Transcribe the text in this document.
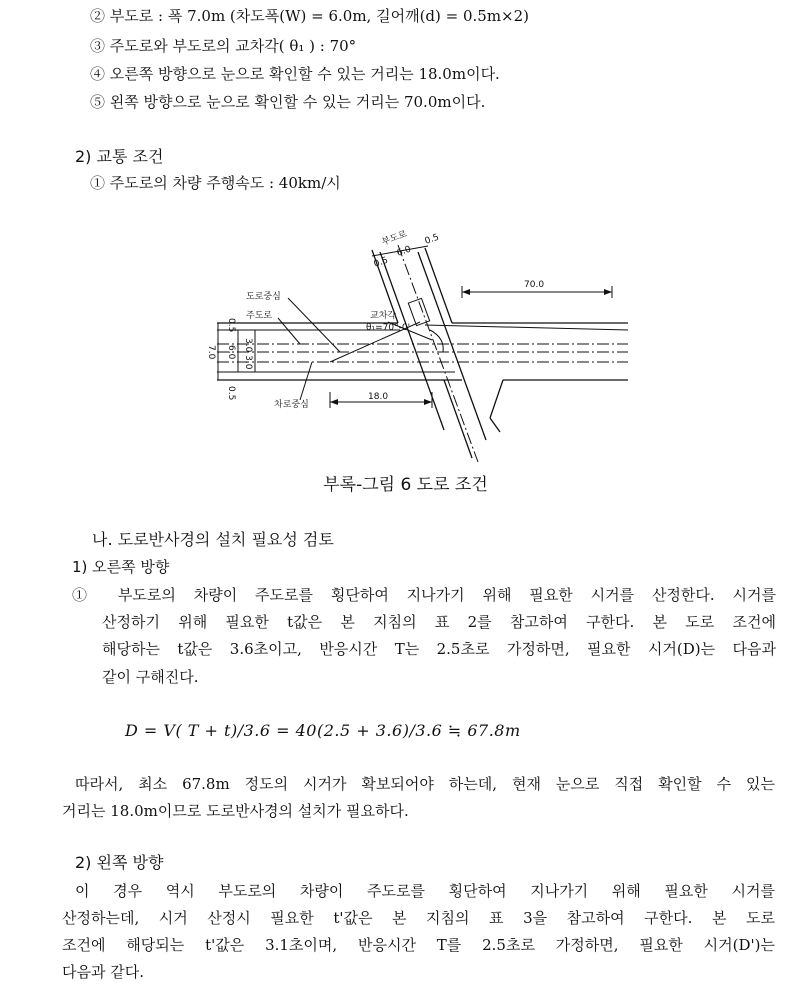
② 부도로 : 폭 7.0m (차도폭(W) = 6.0m, 길어깨(d) = 0.5m×2)
③ 주도로와 부도로의 교차각( θ₁ ) : 70°
④ 오른쪽 방향으로 눈으로 확인할 수 있는 거리는 18.0m이다.
⑤ 왼쪽 방향으로 눈으로 확인할 수 있는 거리는 70.0m이다.
2) 교통 조건
① 주도로의 차량 주행속도 : 40km/시
부도로
0.5
6.0
0.5
도로중심
주도로	교차각
θ₁=70°-0'
70.0
18.0
차로중심
0.5
7.0 6.0 3.0 3.0
0.5
부록-그림 6 도로 조건
나. 도로반사경의 설치 필요성 검토
1) 오른쪽 방향
① 부도로의 차량이 주도로를 횡단하여 지나가기 위해 필요한 시거를 산정한다. 시거를
산정하기 위해 필요한 t값은 본 지침의 표 2를 참고하여 구한다. 본 도로 조건에
해당하는 t값은 3.6초이고, 반응시간 T는 2.5초로 가정하면, 필요한 시거(D)는 다음과
같이 구해진다.
D = V( T + t)/3.6 = 40(2.5 + 3.6)/3.6 ≒ 67.8m
따라서, 최소 67.8m 정도의 시거가 확보되어야 하는데, 현재 눈으로 직접 확인할 수 있는
거리는 18.0m이므로 도로반사경의 설치가 필요하다.
2) 왼쪽 방향
이 경우 역시 부도로의 차량이 주도로를 횡단하여 지나가기 위해 필요한 시거를
산정하는데, 시거 산정시 필요한 t'값은 본 지침의 표 3을 참고하여 구한다. 본 도로
조건에 해당되는 t'값은 3.1초이며, 반응시간 T를 2.5초로 가정하면, 필요한 시거(D')는
다음과 같다.
